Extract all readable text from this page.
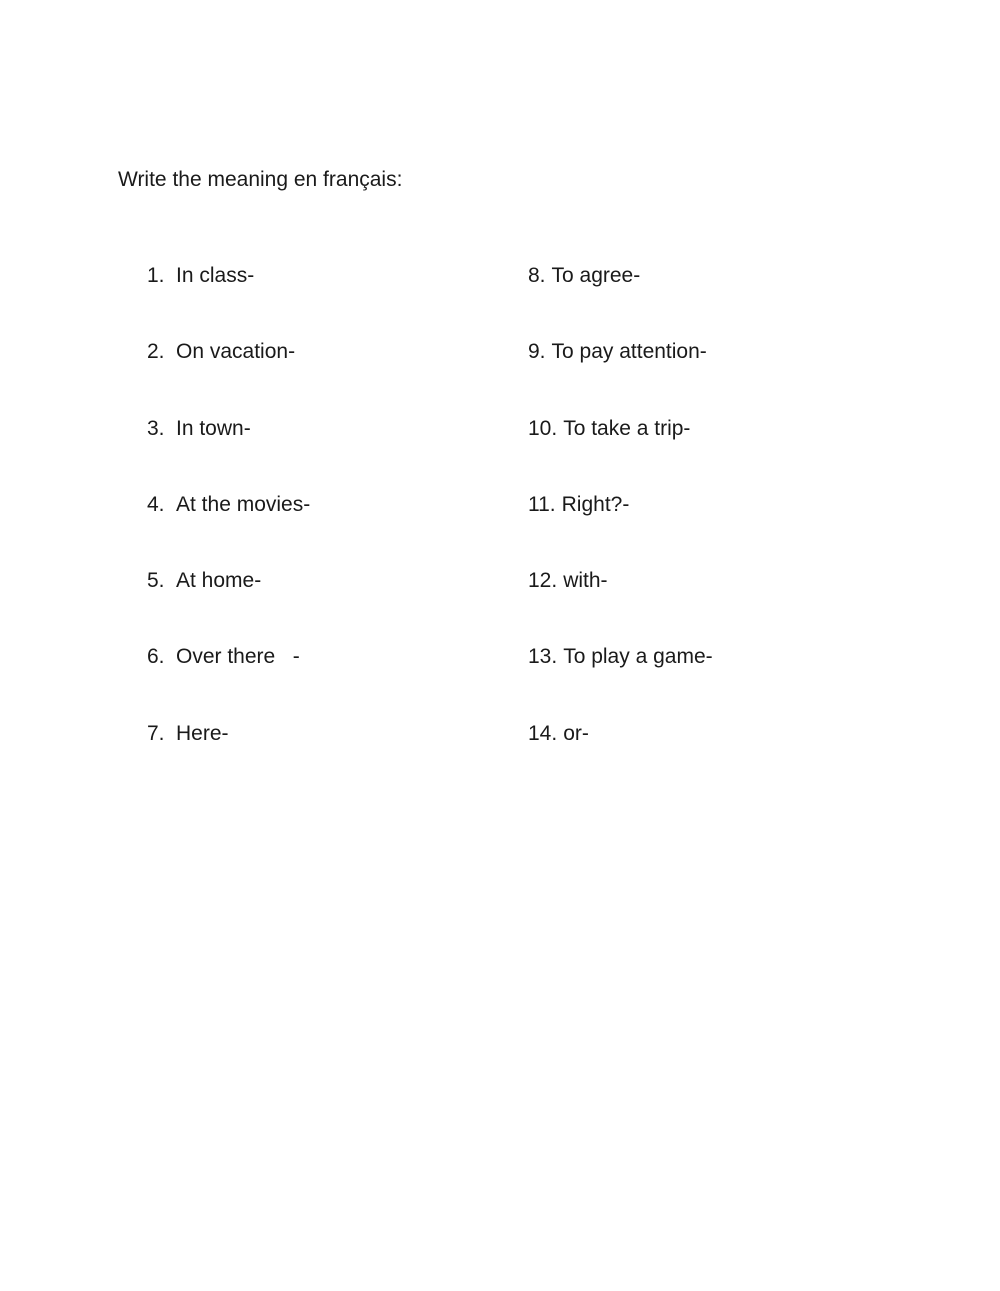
Write the meaning en français:
1. In class-
2. On vacation-
3. In town-
4. At the movies-
5. At home-
6. Over there   -
7. Here-
8. To agree-
9. To pay attention-
10. To take a trip-
11. Right?-
12. with-
13. To play a game-
14. or-
